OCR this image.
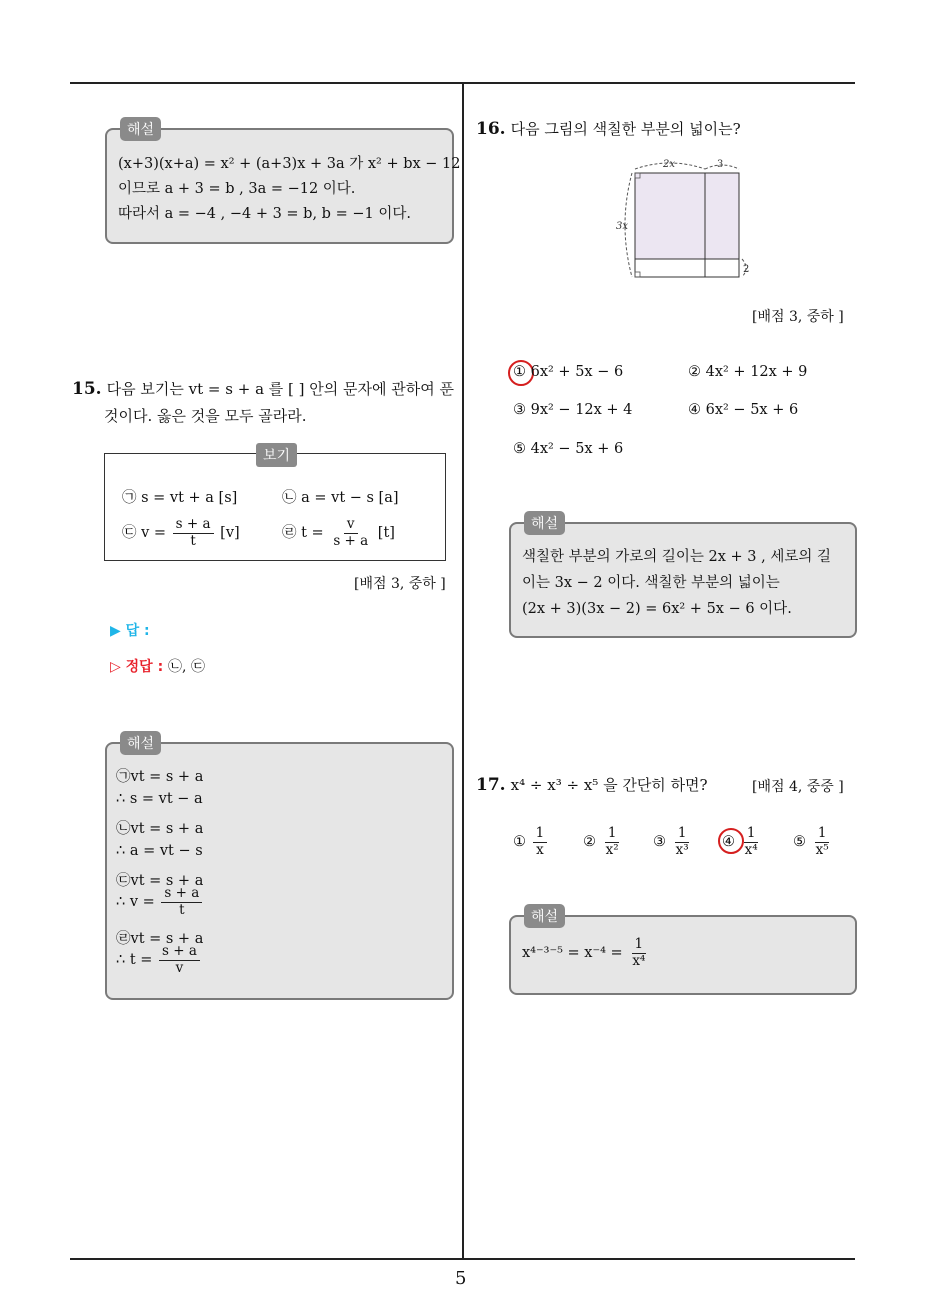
5
해설
(x+3)(x+a) = x² + (a+3)x + 3a 가 x² + bx − 12
이므로 a + 3 = b , 3a = −12 이다.
따라서 a = −4 , −4 + 3 = b, b = −1 이다.
15. 다음 보기는 vt = s + a 를 [ ] 안의 문자에 관하여 푼
것이다. 옳은 것을 모두 골라라.
보기
㉠ s = vt + a [s]	㉡ a = vt − s [a]
㉢ $v = \frac{s + a}{t} [v]$	㉣ $t = \frac{v}{s + a} [t]$
[배점 3, 중하 ]
▶ 답 :
▷ 정답 : ㉡, ㉢
해설
㉠vt = s + a
∴ s = vt − a
㉡vt = s + a
∴ a = vt − s
㉢vt = s + a
∴ $v = \frac{s + a}{t}$
㉣vt = s + a
∴ $t = \frac{s + a}{v}$
16. 다음 그림의 색칠한 부분의 넓이는?
2x	3
3x
2
[배점 3, 중하 ]
① 6x² + 5x − 6	② 4x² + 12x + 9
③ 9x² − 12x + 4	④ 6x² − 5x + 6
⑤ 4x² − 5x + 6
해설
색칠한 부분의 가로의 길이는 2x + 3 , 세로의 길
이는 3x − 2 이다. 색칠한 부분의 넓이는
(2x + 3)(3x − 2) = 6x² + 5x − 6 이다.
17. x⁴ ÷ x³ ÷ x⁵ 을 간단히 하면?	[배점 4, 중중 ]
① $\frac{1}{x}$ ② $\frac{1}{\text{x²}}$ ③ $\frac{1}{\text{x³}}$ ④ $\frac{1}{\text{x⁴}}$ ⑤ $\frac{1}{\text{x⁵}}$
해설
$x^{4-3-5} = x^{-4} = \frac{1}{\text{x⁴}}$
